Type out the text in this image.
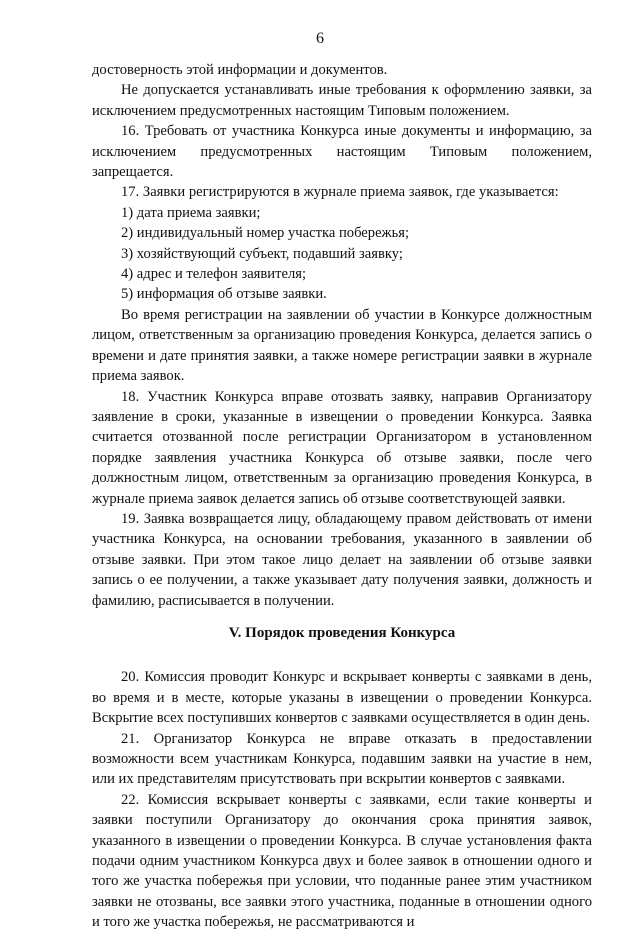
6

достоверность этой информации и документов.

Не допускается устанавливать иные требования к оформлению заявки, за исключением предусмотренных настоящим Типовым положением.

16. Требовать от участника Конкурса иные документы и информацию, за исключением предусмотренных настоящим Типовым положением, запрещается.

17. Заявки регистрируются в журнале приема заявок, где указывается:

1) дата приема заявки;

2) индивидуальный номер участка побережья;

3) хозяйствующий субъект, подавший заявку;

4) адрес и телефон заявителя;

5) информация об отзыве заявки.

Во время регистрации на заявлении об участии в Конкурсе должностным лицом, ответственным за организацию проведения Конкурса, делается запись о времени и дате принятия заявки, а также номере регистрации заявки в журнале приема заявок.

18. Участник Конкурса вправе отозвать заявку, направив Организатору заявление в сроки, указанные в извещении о проведении Конкурса. Заявка считается отозванной после регистрации Организатором в установленном порядке заявления участника Конкурса об отзыве заявки, после чего должностным лицом, ответственным за организацию проведения Конкурса, в журнале приема заявок делается запись об отзыве соответствующей заявки.

19. Заявка возвращается лицу, обладающему правом действовать от имени участника Конкурса, на основании требования, указанного в заявлении об отзыве заявки. При этом такое лицо делает на заявлении об отзыве заявки запись о ее получении, а также указывает дату получения заявки, должность и фамилию, расписывается в получении.

V. Порядок проведения Конкурса

20. Комиссия проводит Конкурс и вскрывает конверты с заявками в день, во время и в месте, которые указаны в извещении о проведении Конкурса. Вскрытие всех поступивших конвертов с заявками осуществляется в один день.

21. Организатор Конкурса не вправе отказать в предоставлении возможности всем участникам Конкурса, подавшим заявки на участие в нем, или их представителям присутствовать при вскрытии конвертов с заявками.

22. Комиссия вскрывает конверты с заявками, если такие конверты и заявки поступили Организатору до окончания срока принятия заявок, указанного в извещении о проведении Конкурса. В случае установления факта подачи одним участником Конкурса двух и более заявок в отношении одного и того же участка побережья при условии, что поданные ранее этим участником заявки не отозваны, все заявки этого участника, поданные в отношении одного и того же участка побережья, не рассматриваются и
